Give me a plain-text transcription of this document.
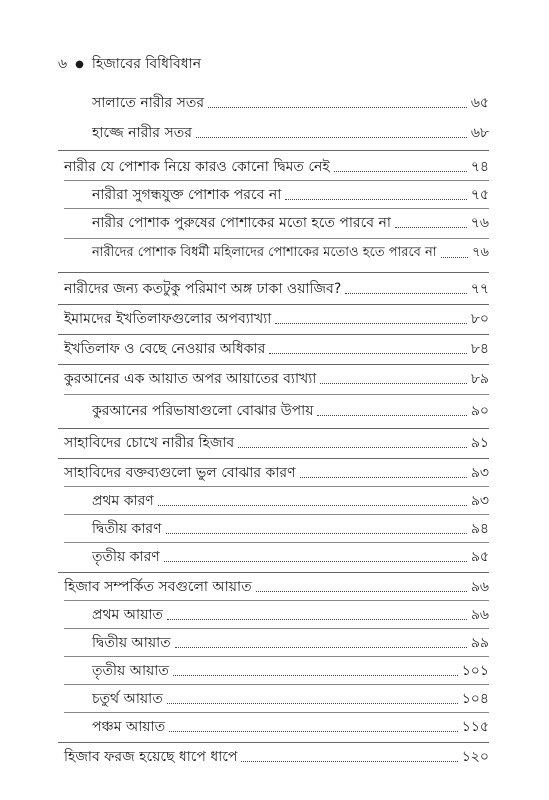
৬ ● হিজাবের বিধিবিধান
সালাতে নারীর সতর	৬৫
হাজ্জে নারীর সতর	৬৮
নারীর যে পোশাক নিয়ে কারও কোনো দ্বিমত নেই	৭৪
নারীরা সুগন্ধযুক্ত পোশাক পরবে না	৭৫
নারীর পোশাক পুরুষের পোশাকের মতো হতে পারবে না	৭৬
নারীদের পোশাক বিধর্মী মহিলাদের পোশাকের মতোও হতে পারবে না	৭৬
নারীদের জন্য কতটুকু পরিমাণ অঙ্গ ঢাকা ওয়াজিব?	৭৭
ইমামদের ইখতিলাফগুলোর অপব্যাখ্যা	৮০
ইখতিলাফ ও বেছে নেওয়ার অধিকার	৮৪
কুরআনের এক আয়াত অপর আয়াতের ব্যাখ্যা	৮৯
কুরআনের পরিভাষাগুলো বোঝার উপায়	৯০
সাহাবিদের চোখে নারীর হিজাব	৯১
সাহাবিদের বক্তব্যগুলো ভুল বোঝার কারণ	৯৩
প্রথম কারণ	৯৩
দ্বিতীয় কারণ	৯৪
তৃতীয় কারণ	৯৫
হিজাব সম্পর্কিত সবগুলো আয়াত	৯৬
প্রথম আয়াত	৯৬
দ্বিতীয় আয়াত	৯৯
তৃতীয় আয়াত	১০১
চতুর্থ আয়াত	১০৪
পঞ্চম আয়াত	১১৫
হিজাব ফরজ হয়েছে ধাপে ধাপে	১২০
